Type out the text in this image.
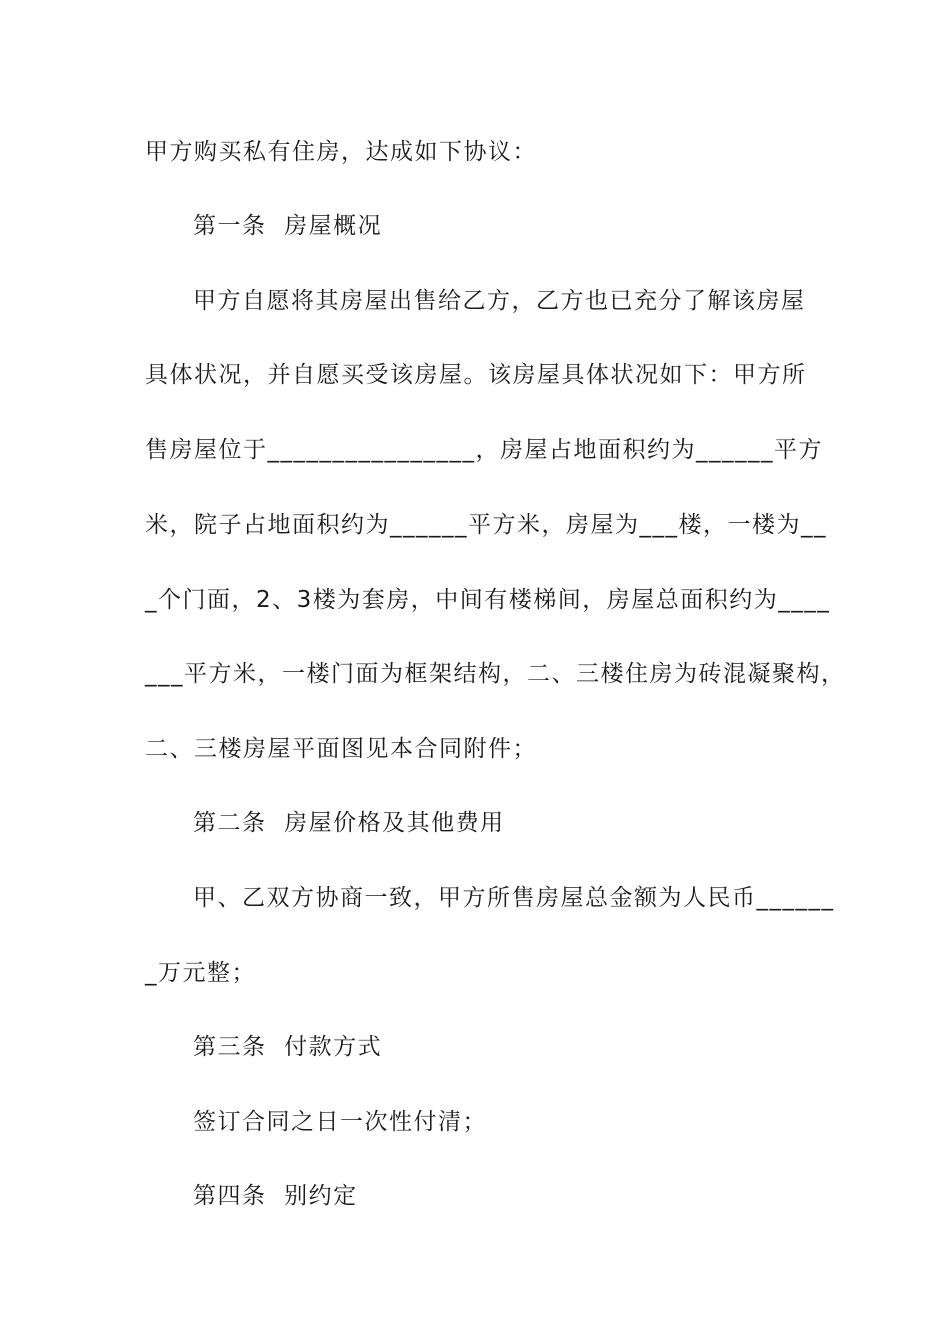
甲方购买私有住房，达成如下协议：
第一条  房屋概况
甲方自愿将其房屋出售给乙方，乙方也已充分了解该房屋
具体状况，并自愿买受该房屋。该房屋具体状况如下：甲方所
售房屋位于________________，房屋占地面积约为______平方
米，院子占地面积约为______平方米，房屋为___楼，一楼为__
_个门面，2、3楼为套房，中间有楼梯间，房屋总面积约为____
___平方米，一楼门面为框架结构，二、三楼住房为砖混凝聚构，
二、三楼房屋平面图见本合同附件；
第二条  房屋价格及其他费用
甲、乙双方协商一致，甲方所售房屋总金额为人民币______
_万元整；
第三条  付款方式
签订合同之日一次性付清；
第四条  别约定
